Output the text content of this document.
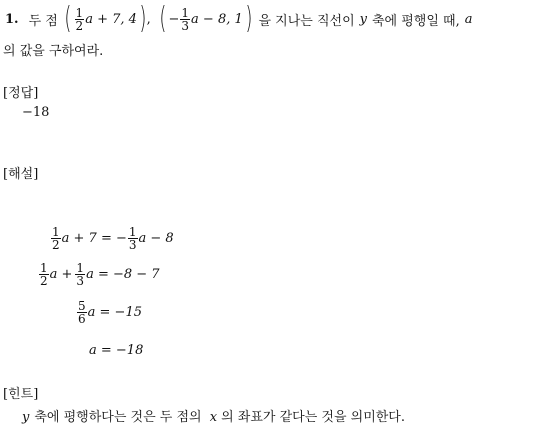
1. 두 점 ( $\frac{1}{2}$ a + 7, 4 ) , ( − $\frac{1}{3}$ a − 8, 1 ) 을 지나는 직선이 y 축에 평행일 때, a
의 값을 구하여라.
[정답]
−18
[해설]
$\frac{1}{2}$ a + 7 = − $\frac{1}{3}$ a − 8
$\frac{1}{2}$ $a + \frac{1}{3}$ a = −8 − 7
$\frac{5}{6}$ a = −15
a = −18
[힌트]
y 축에 평행하다는 것은 두 점의 x 의 좌표가 같다는 것을 의미한다.
